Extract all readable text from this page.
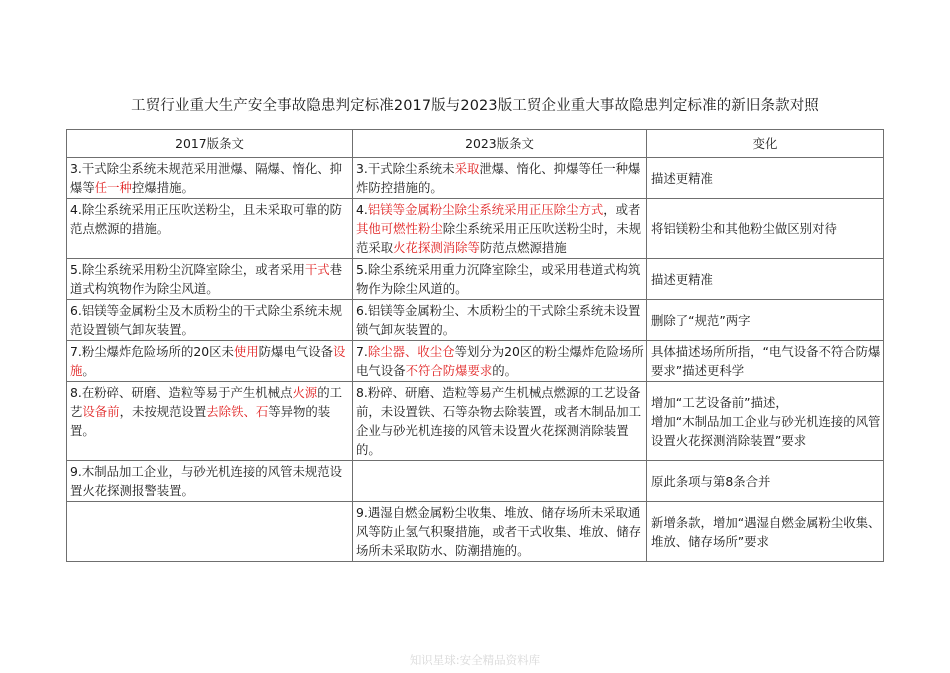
工贸行业重大生产安全事故隐患判定标准2017版与2023版工贸企业重大事故隐患判定标准的新旧条款对照
2017版条文	2023版条文	变化
3.干式除尘系统未规范采用泄爆、隔爆、惰化、抑爆等任一种控爆措施。	3.干式除尘系统未采取泄爆、惰化、抑爆等任一种爆炸防控措施的。	描述更精准
4.除尘系统采用正压吹送粉尘，且未采取可靠的防范点燃源的措施。	4.铝镁等金属粉尘除尘系统采用正压除尘方式，或者其他可燃性粉尘除尘系统采用正压吹送粉尘时，未规范采取火花探测消除等防范点燃源措施	将铝镁粉尘和其他粉尘做区别对待
5.除尘系统采用粉尘沉降室除尘，或者采用干式巷道式构筑物作为除尘风道。	5.除尘系统采用重力沉降室除尘，或采用巷道式构筑物作为除尘风道的。	描述更精准
6.铝镁等金属粉尘及木质粉尘的干式除尘系统未规范设置锁气卸灰装置。	6.铝镁等金属粉尘、木质粉尘的干式除尘系统未设置锁气卸灰装置的。	删除了“规范”两字
7.粉尘爆炸危险场所的20区未使用防爆电气设备设施。	7.除尘器、收尘仓等划分为20区的粉尘爆炸危险场所电气设备不符合防爆要求的。	具体描述场所所指，“电气设备不符合防爆要求”描述更科学
8.在粉碎、研磨、造粒等易于产生机械点火源的工艺设备前，未按规范设置去除铁、石等异物的装置。	8.粉碎、研磨、造粒等易产生机械点燃源的工艺设备前，未设置铁、石等杂物去除装置，或者木制品加工企业与砂光机连接的风管未设置火花探测消除装置的。	增加“工艺设备前”描述，
增加“木制品加工企业与砂光机连接的风管设置火花探测消除装置”要求
9.木制品加工企业，与砂光机连接的风管未规范设置火花探测报警装置。		原此条项与第8条合并
	9.遇湿自燃金属粉尘收集、堆放、储存场所未采取通风等防止氢气积聚措施，或者干式收集、堆放、储存场所未采取防水、防潮措施的。	新增条款，增加“遇湿自燃金属粉尘收集、堆放、储存场所”要求
知识星球:安全精品资料库
